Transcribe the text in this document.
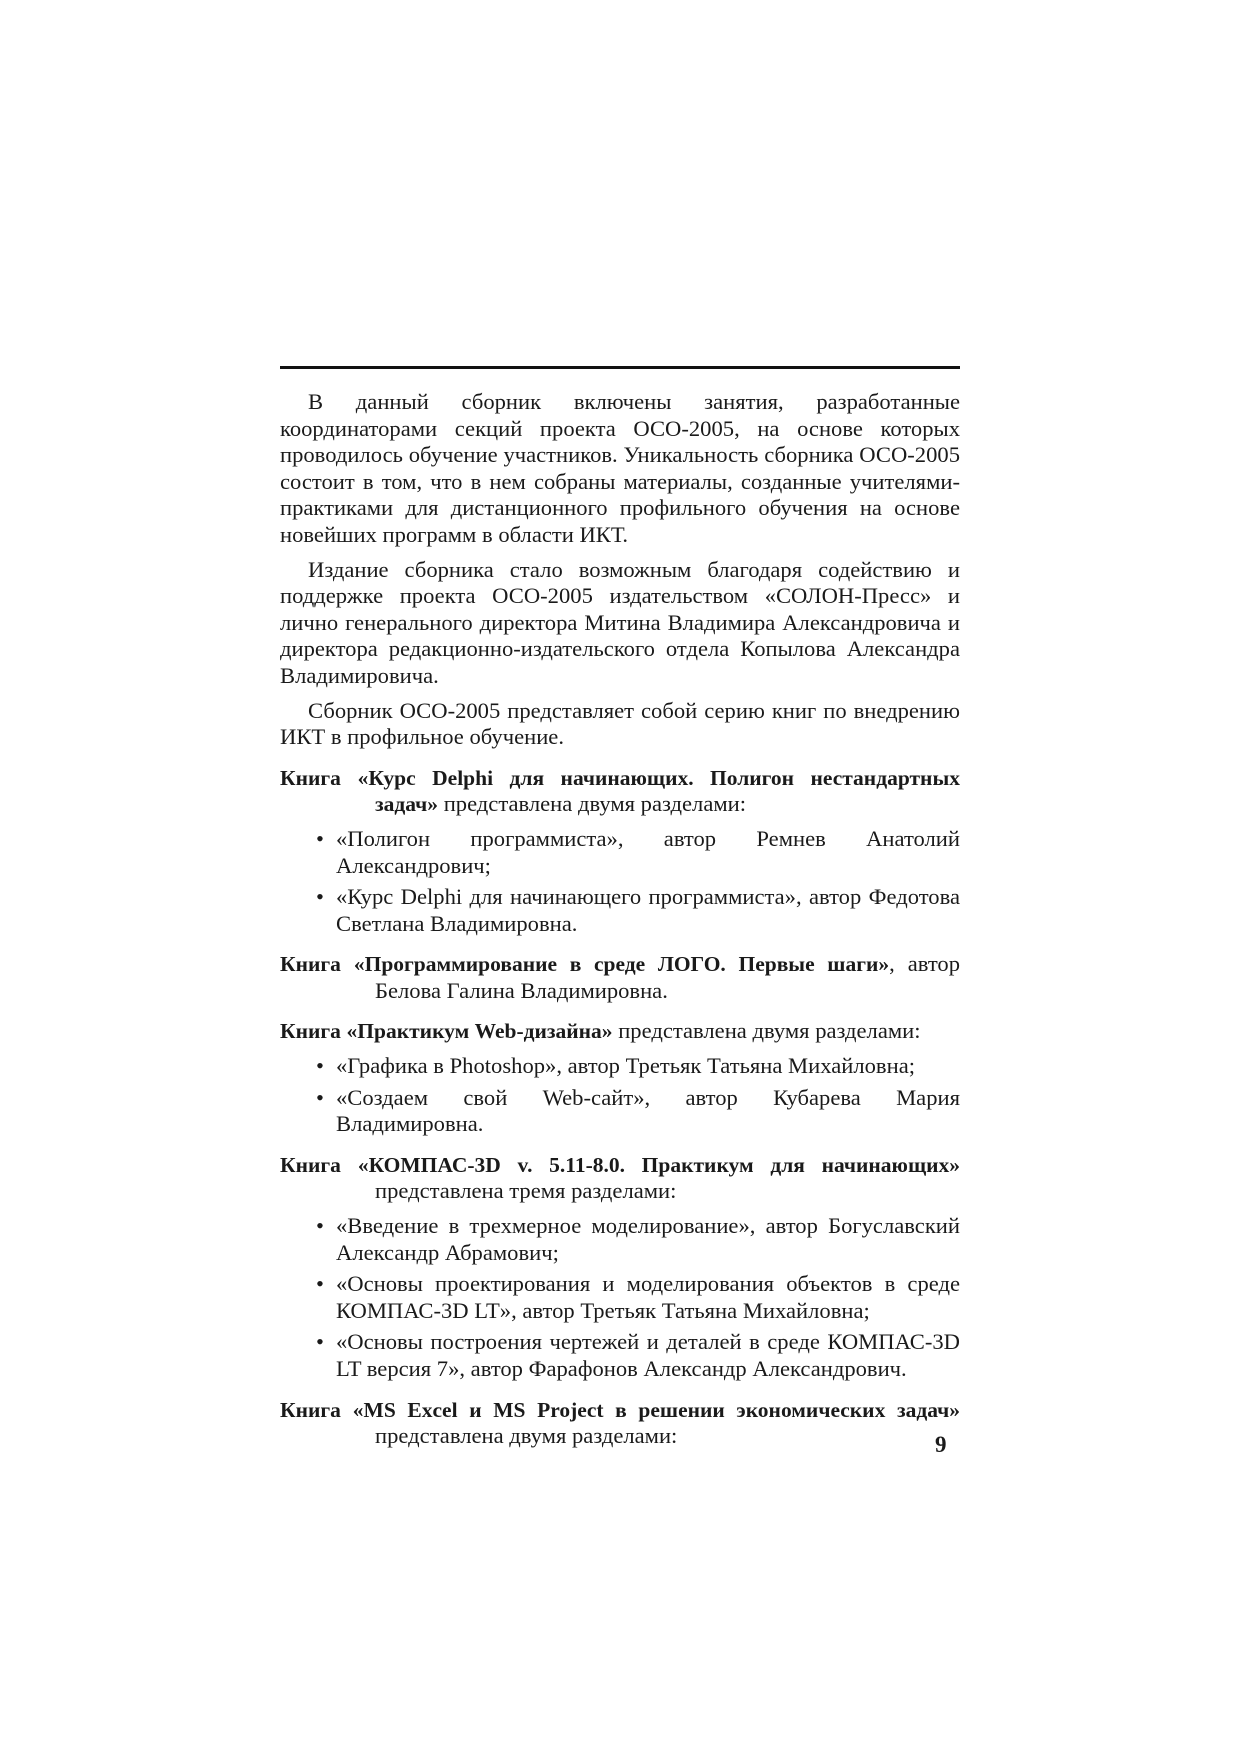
В данный сборник включены занятия, разработанные координаторами секций проекта ОСО-2005, на основе которых проводилось обучение участников. Уникальность сборника ОСО-2005 состоит в том, что в нем собраны материалы, созданные учителями-практиками для дистанционного профильного обучения на основе новейших программ в области ИКТ.

Издание сборника стало возможным благодаря содействию и поддержке проекта ОСО-2005 издательством «СОЛОН-Пресс» и лично генерального директора Митина Владимира Александровича и директора редакционно-издательского отдела Копылова Александра Владимировича.

Сборник ОСО-2005 представляет собой серию книг по внедрению ИКТ в профильное обучение.

Книга «Курс Delphi для начинающих. Полигон нестандартных задач» представлена двумя разделами:

• «Полигон программиста», автор Ремнев Анатолий Александрович;
• «Курс Delphi для начинающего программиста», автор Федотова Светлана Владимировна.

Книга «Программирование в среде ЛОГО. Первые шаги», автор Белова Галина Владимировна.

Книга «Практикум Web-дизайна» представлена двумя разделами:

• «Графика в Photoshop», автор Третьяк Татьяна Михайловна;
• «Создаем свой Web-сайт», автор Кубарева Мария Владимировна.

Книга «КОМПАС-3D v. 5.11-8.0. Практикум для начинающих» представлена тремя разделами:

• «Введение в трехмерное моделирование», автор Богуславский Александр Абрамович;
• «Основы проектирования и моделирования объектов в среде КОМПАС-3D LT», автор Третьяк Татьяна Михайловна;
• «Основы построения чертежей и деталей в среде КОМПАС-3D LT версия 7», автор Фарафонов Александр Александрович.

Книга «MS Excel и MS Project в решении экономических задач» представлена двумя разделами:	9
